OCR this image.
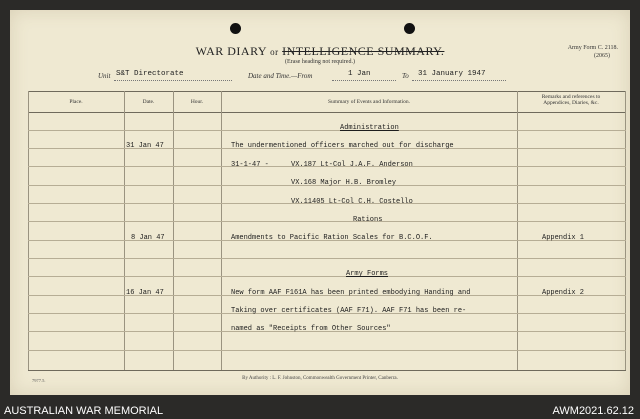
WAR DIARY or INTELLIGENCE SUMMARY.
(Erase heading not required.)
Army Form C. 2118.
(2065)
Unit S&T Directorate	Date and Time.—From	1 Jan	To 31 January 1947
Place.	Date.	Hour.	Summary of Events and Information.
Remarks and references to
Appendices, Diaries, &c.
Administration
31 Jan 47	The undermentioned officers marched out for discharge
31-1-47 -	VX.187 Lt-Col J.A.F. Anderson
VX.168 Major H.B. Bromley
VX.11405 Lt-Col C.H. Costello
Rations
8 Jan 47	Amendments to Pacific Ration Scales for B.C.O.F.	Appendix 1
Army Forms
16 Jan 47	New form AAF F161A has been printed embodying Handing and	Appendix 2
Taking over certificates (AAF F71). AAF F71 has been re-
named as "Receipts from Other Sources"
7977.5.	By Authority : L. F. Johnston, Commonwealth Government Printer, Canberra.
AUSTRALIAN WAR MEMORIAL	AWM2021.62.12
